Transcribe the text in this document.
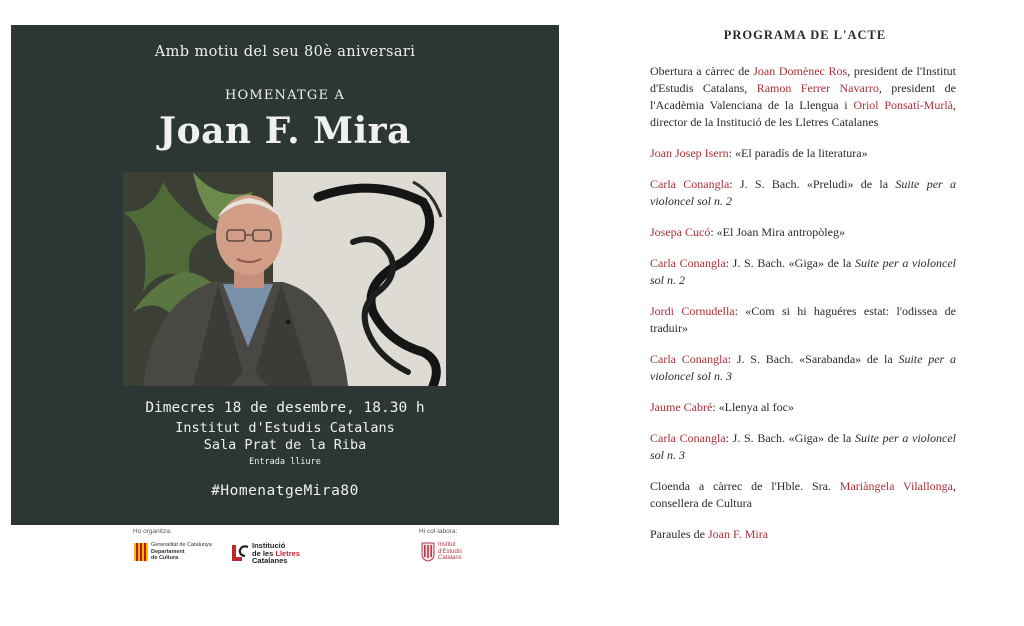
Amb motiu del seu 80è aniversari
HOMENATGE A
Joan F. Mira
Dimecres 18 de desembre, 18.30 h
Institut d'Estudis Catalans
Sala Prat de la Riba
Entrada lliure
#HomenatgeMira80
Ho organitza:
Generalitat de Catalunya
Departament
de Cultura
Institució
de les Lletres
Catalanes
Hi col·labora:
Institut
d'Estudis
Catalans
PROGRAMA DE L'ACTE

Obertura a càrrec de Joan Domènec Ros, president de l'Institut d'Estudis Catalans, Ramon Ferrer Navarro, president de l'Acadèmia Valenciana de la Llengua i Oriol Ponsatí-Murlà, director de la Institució de les Lletres Catalanes

Joan Josep Isern: «El paradís de la literatura»

Carla Conangla: J. S. Bach. «Preludi» de la Suite per a violoncel sol n. 2

Josepa Cucó: «El Joan Mira antropòleg»

Carla Conangla: J. S. Bach. «Giga» de la Suite per a violoncel sol n. 2

Jordi Cornudella: «Com si hi haguéres estat: l'odissea de traduir»

Carla Conangla: J. S. Bach. «Sarabanda» de la Suite per a violoncel sol n. 3

Jaume Cabré: «Llenya al foc»

Carla Conangla: J. S. Bach. «Giga» de la Suite per a violoncel sol n. 3

Cloenda a càrrec de l'Hble. Sra. Mariàngela Vilallonga, consellera de Cultura

Paraules de Joan F. Mira
